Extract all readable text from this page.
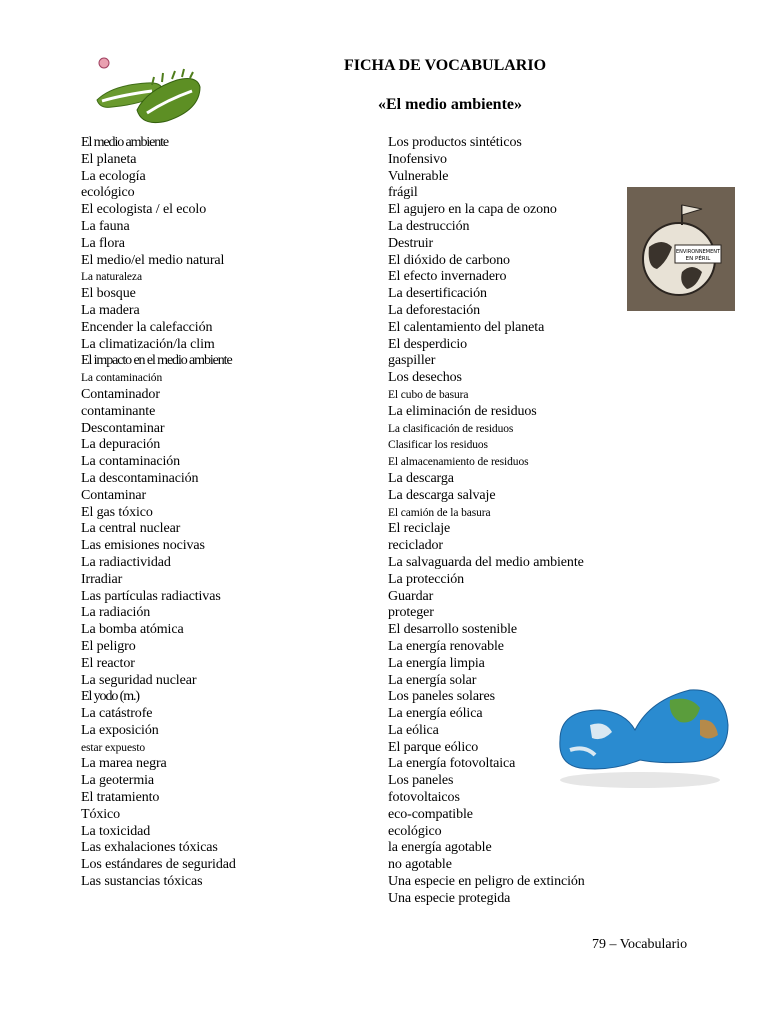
FICHA DE VOCABULARIO
«El medio ambiente»
ENVIRONNEMENT
EN PÉRIL
El medio ambiente
El planeta
La ecología
ecológico
El ecologista / el ecolo
La fauna
La flora
El medio/el medio natural
La naturaleza
El bosque
La madera
Encender la calefacción
La climatización/la clim
El impacto en el medio ambiente
La contaminación
Contaminador
contaminante
Descontaminar
La depuración
La contaminación
La descontaminación
Contaminar
El gas tóxico
La central nuclear
Las emisiones nocivas
La radiactividad
Irradiar
Las partículas radiactivas
La radiación
La bomba atómica
El peligro
El reactor
La seguridad nuclear
El yodo (m.)
La catástrofe
La exposición
estar expuesto
La marea negra
La geotermia
El tratamiento
Tóxico
La toxicidad
Las exhalaciones tóxicas
Los estándares de seguridad
Las sustancias tóxicas
Los productos sintéticos
Inofensivo
Vulnerable
frágil
El agujero en la capa de ozono
La destrucción
Destruir
El dióxido de carbono
El efecto invernadero
La desertificación
La deforestación
El calentamiento del planeta
El desperdicio
gaspiller
Los desechos
El cubo de basura
La eliminación de residuos
La clasificación de residuos
Clasificar los residuos
El almacenamiento de residuos
La descarga
La descarga salvaje
El camión de la basura
El reciclaje
reciclador
La salvaguarda del medio ambiente
La protección
Guardar
proteger
El desarrollo sostenible
La energía renovable
La energía limpia
La energía solar
Los paneles solares
La energía eólica
La eólica
El parque eólico
La energía fotovoltaica
Los paneles
fotovoltaicos
eco-compatible
ecológico
la energía agotable
no agotable
Una especie en peligro de extinción
Una especie protegida
79 – Vocabulario
